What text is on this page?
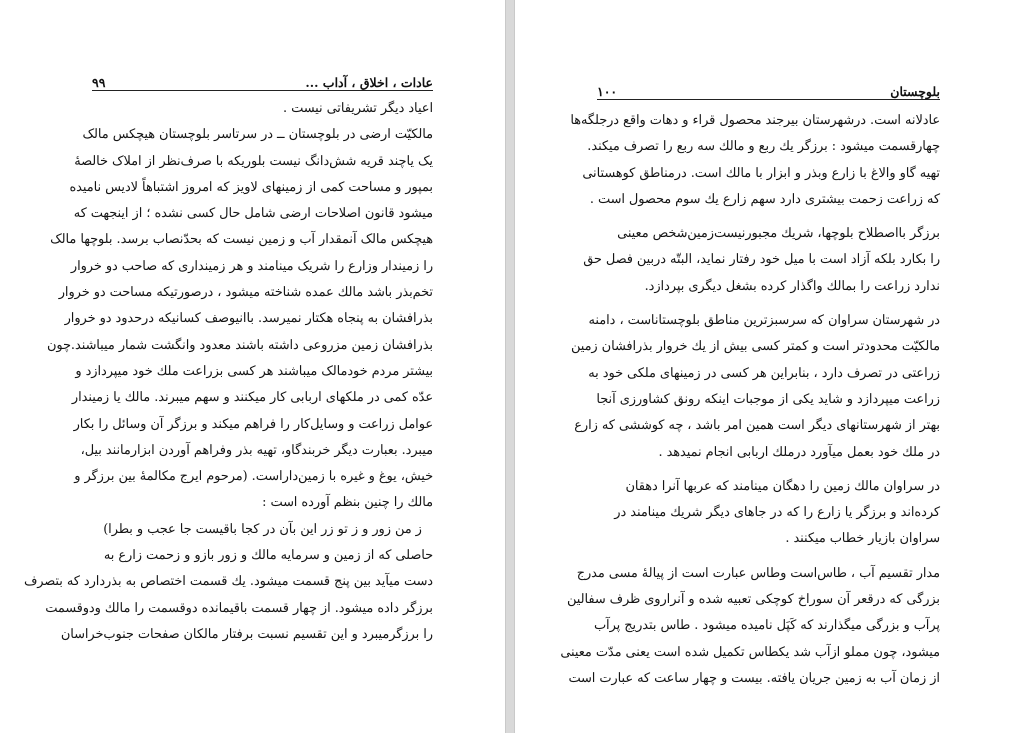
عادات ، اخلاق ، آداب ...
۹۹
اعیاد دیگر تشریفاتی نیست .
مالکیّت ارضی در بلوچستان ــ در سرتاسر بلوچستان هیچکس مالک
یک یاچند قریه شش‌دانگ نیست بلوریکه با صرف‌نظر از املاک خالصهٔ
بمپور و مساحت کمی از زمینهای لاویز که امروز اشتباهاً لادیس نامیده
میشود قانون اصلاحات ارضی شامل حال کسی نشده ؛ از اینجهت که
هیچکس مالک آنمقدار آب و زمین نیست که بحدّنصاب برسد. بلوچها مالک
را زمیندار وزارع را شریک مینامند و هر زمینداری که صاحب دو خروار
تخم‌بذر باشد مالك عمده شناخته میشود ، درصورتیکه مساحت دو خروار
بذرافشان به پنجاه هکتار نمیرسد. باانیوصف کسانیکه درحدود دو خروار
بذرافشان زمین مزروعی داشته باشند معدود وانگشت شمار میباشند.چون
بیشتر مردم خودمالک میباشند هر کسی بزراعت ملك خود میپردازد و
عدّه کمی در ملکهای اربابی کار میکنند و سهم میبرند. مالك یا زمیندار
عوامل زراعت و وسایل‌کار را فراهم میکند و برزگر آن وسائل را بکار
میبرد. بعبارت دیگر خربندگاو، تهیه بذر وفراهم آوردن ابزارمانند بیل،
خیش، یوغ و غیره با زمین‌داراست. (مرحوم ایرج مکالمهٔ بین برزگر و
مالك را چنین بنظم آورده است :
ز من زور و ز تو زر این بآن در کجا باقیست جا عجب و بطرا)
حاصلی که از زمین و سرمایه مالك و زور بازو و زحمت زارع به
دست میآید بین پنج قسمت میشود. یك قسمت اختصاص به بذردارد که بتصرف
برزگر داده میشود. از چهار قسمت باقیمانده دوقسمت را مالك ودوقسمت
را برزگرمیبرد و این تقسیم نسبت برفتار مالکان صفحات جنوب‌خراسان
بلوچستان
۱۰۰
عادلانه است. درشهرستان بیرجند محصول قراء و دهات واقع درجلگه‌ها
چهارقسمت میشود : برزگر یك ربع و مالك سه ربع را تصرف میکند.
تهیه گاو والاغ با زارع وبذر و ابزار با مالك است. درمناطق کوهستانی
که زراعت زحمت بیشتری دارد سهم زارع یك سوم محصول است .
برزگر بااصطلاح بلوچها، شریك مجبورنیست‌زمین‌شخص معینی
را بکارد بلکه آزاد است با میل خود رفتار نماید، البتّه دربین فصل حق
ندارد زراعت را بمالك واگذار کرده بشغل دیگری بپردازد.
در شهرستان سراوان که سرسبزترین مناطق بلوچستاناست ، دامنه
مالکیّت محدودتر است و کمتر کسی بیش از یك خروار بذرافشان زمین
زراعتی در تصرف دارد ، بنابراین هر کسی در زمینهای ملکی خود به
زراعت میپردازد و شاید یکی از موجبات اینکه رونق کشاورزی آنجا
بهتر از شهرستانهای دیگر است همین امر باشد ، چه کوششی که زارع
در ملك خود بعمل میآورد درملك اربابی انجام نمیدهد .
در سراوان مالك زمین را دهگان مینامند که عربها آنرا دهقان
کرده‌اند و برزگر یا زارع را که در جاهای دیگر شریك مینامند در
سراوان بازیار خطاب میکنند .
مدار تقسیم آب ، طاس‌است وطاس عبارت است از پیالهٔ مسی مدرج
بزرگی که درقعر آن سوراخ کوچکی تعبیه شده و آنراروی ظرف سفالین
پرآب و بزرگی میگذارند که کَپَل نامیده میشود . طاس بتدریج پرآب
میشود، چون مملو ازآب شد یکطاس تکمیل شده است یعنی مدّت معینی
از زمان آب به زمین جریان یافته. بیست و چهار ساعت که عبارت است
